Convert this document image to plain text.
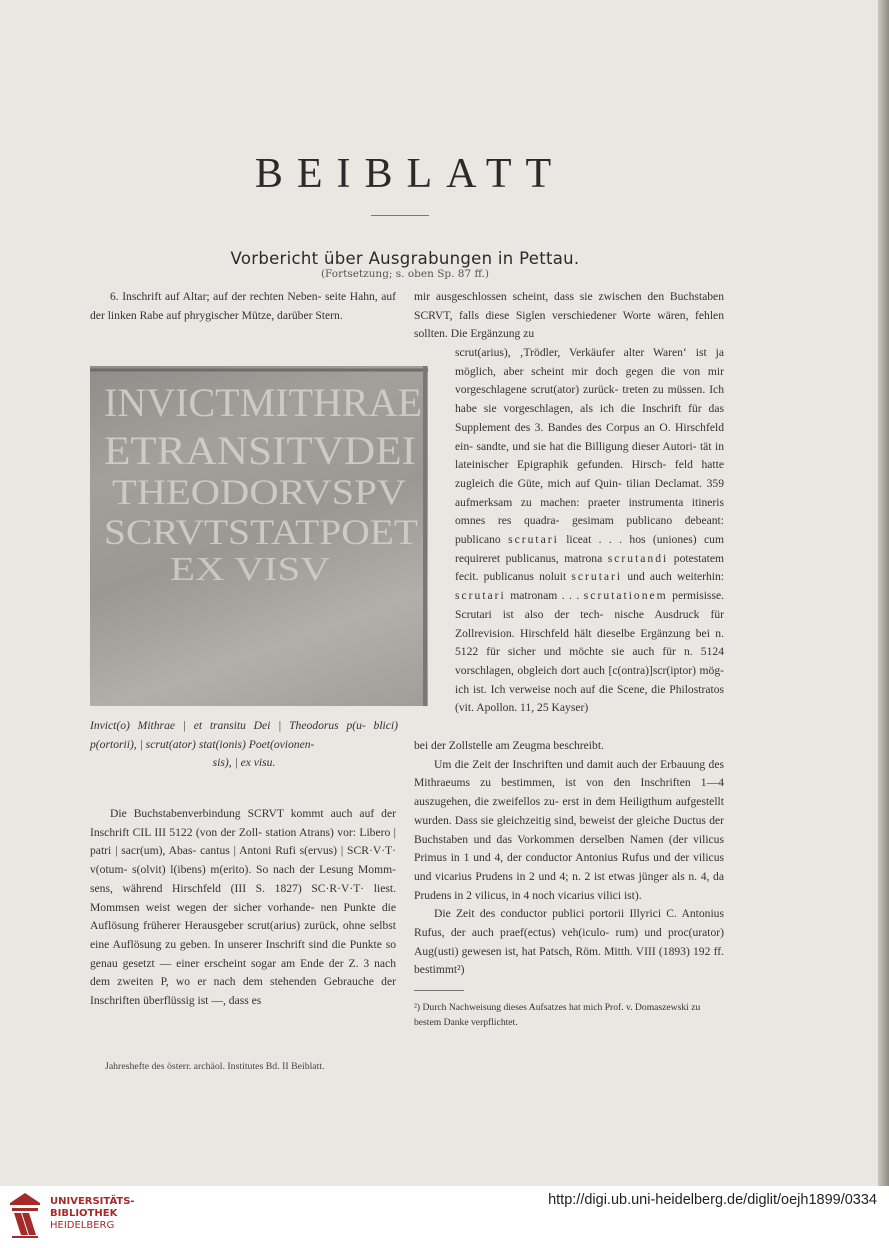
BEIBLATT
Vorbericht über Ausgrabungen in Pettau.
(Fortsetzung; s. oben Sp. 87 ff.)

6. Inschrift auf Altar; auf der rechten Neben- seite Hahn, auf der linken Rabe auf phrygischer Mütze, darüber Stern.

INVICTMITHRAE
ETRANSITVDEI
THEODORVSPV
SCRVTSTATPOET
EX VISV
Invict(o) Mithrae | et transitu Dei | Theodorus p(u- blici) p(ortorii), | scrut(ator) stat(ionis) Poet(ovionen-
sis), | ex visu.

Die Buchstabenverbindung SCRVT kommt auch auf der Inschrift CIL III 5122 (von der Zoll- station Atrans) vor: Libero | patri | sacr(um), Abas- cantus | Antoni Rufi s(ervus) | SCR·V·T· v(otum- s(olvit) l(ibens) m(erito). So nach der Lesung Momm- sens, während Hirschfeld (III S. 1827) SC·R·V·T· liest. Mommsen weist wegen der sicher vorhande- nen Punkte die Auflösung früherer Herausgeber scrut(arius) zurück, ohne selbst eine Auflösung zu geben. In unserer Inschrift sind die Punkte so genau gesetzt — einer erscheint sogar am Ende der Z. 3 nach dem zweiten P, wo er nach dem stehenden Gebrauche der Inschriften überflüssig ist —, dass es

Jahreshefte des österr. archäol. Institutes Bd. II Beiblatt.

mir ausgeschlossen scheint, dass sie zwischen den Buchstaben SCRVT, falls diese Siglen verschiedener Worte wären, fehlen sollten. Die Ergänzung zu

scrut(arius), ‚Trödler, Verkäufer alter Waren‘ ist ja möglich, aber scheint mir doch gegen die von mir vorgeschlagene scrut(ator) zurück- treten zu müssen. Ich habe sie vorgeschlagen, als ich die Inschrift für das Supplement des 3. Bandes des Corpus an O. Hirschfeld ein- sandte, und sie hat die Billigung dieser Autori- tät in lateinischer Epigraphik gefunden. Hirsch- feld hatte zugleich die Güte, mich auf Quin- tilian Declamat. 359 aufmerksam zu machen: praeter instrumenta itineris omnes res quadra- gesimam publicano debeant: publicano scrutari liceat . . . hos (uniones) cum requireret publicanus, matrona scrutandi potestatem fecit. publicanus noluit scrutari und auch weiterhin: scrutari matronam . . . scrutationem permisisse. Scrutari ist also der tech- nische Ausdruck für Zollrevision. Hirschfeld hält dieselbe Ergänzung bei n. 5122 für sicher und möchte sie auch für n. 5124 vorschlagen, obgleich dort auch [c(ontra)]scr(iptor) mög- ich ist. Ich verweise noch auf die Scene, die Philostratos (vit. Apollon. 11, 25 Kayser)

bei der Zollstelle am Zeugma beschreibt.

Um die Zeit der Inschriften und damit auch der Erbauung des Mithraeums zu bestimmen, ist von den Inschriften 1—4 auszugehen, die zweifellos zu- erst in dem Heiligthum aufgestellt wurden. Dass sie gleichzeitig sind, beweist der gleiche Ductus der Buchstaben und das Vorkommen derselben Namen (der vilicus Primus in 1 und 4, der conductor Antonius Rufus und der vilicus und vicarius Prudens in 2 und 4; n. 2 ist etwas jünger als n. 4, da Prudens in 2 vilicus, in 4 noch vicarius vilici ist).

Die Zeit des conductor publici portorii Illyrici C. Antonius Rufus, der auch praef(ectus) veh(iculo- rum) und proc(urator) Aug(usti) gewesen ist, hat Patsch, Röm. Mitth. VIII (1893) 192 ff. bestimmt²)

²) Durch Nachweisung dieses Aufsatzes hat mich Prof. v. Domaszewski zu bestem Danke verpflichtet.
UNIVERSITÄTS-
BIBLIOTHEK
HEIDELBERG
http://digi.ub.uni-heidelberg.de/diglit/oejh1899/0334
